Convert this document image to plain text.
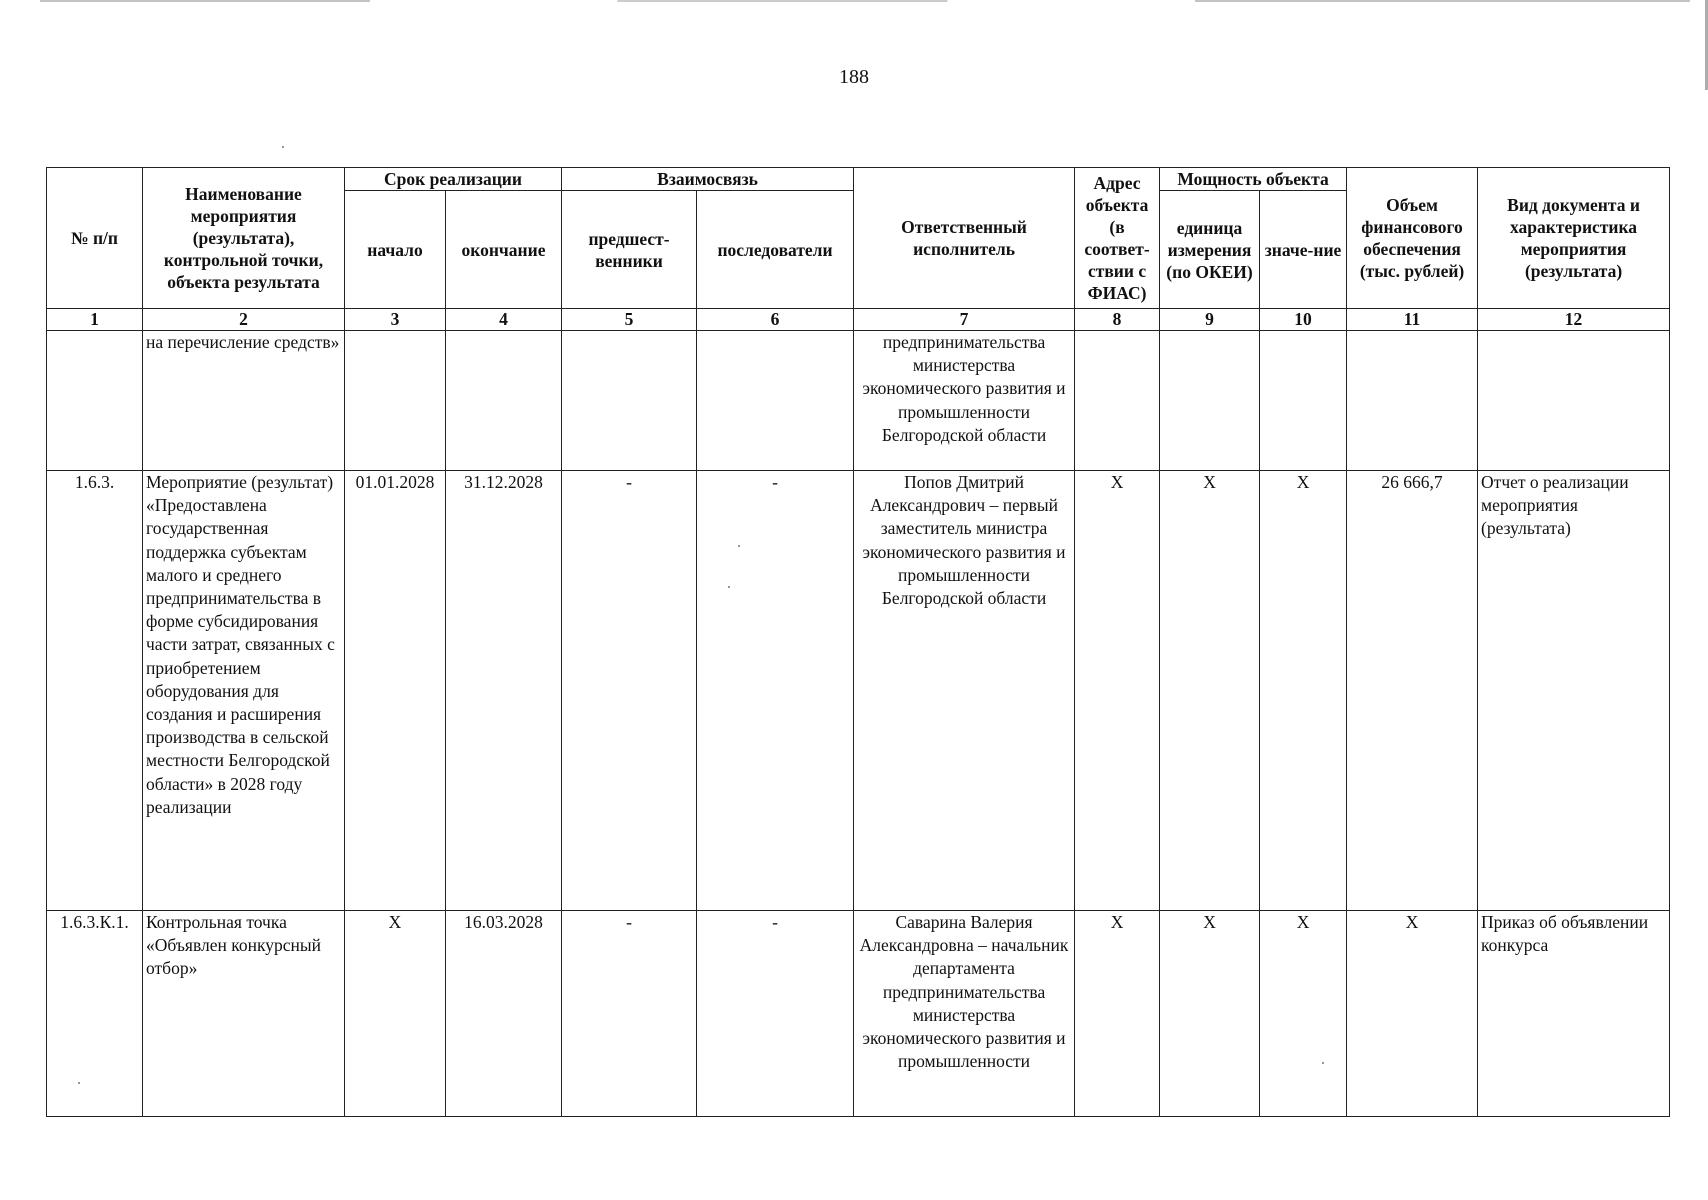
188
№ п/п	Наименование мероприятия (результата), контрольной точки, объекта результата	Срок реализации		Взаимосвязь		Ответственный исполнитель	Адрес объекта (в соответ-ствии с ФИАС)	Мощность объекта		Объем финансового обеспечения (тыс. рублей)	Вид документа и характеристика мероприятия (результата)
		начало	окончание	предшест-венники	последователи			единица измерения (по ОКЕИ)	значе-ние		
1	2	3	4	5	6	7	8	9	10	11	12
	на перечисление средств»					предпринимательства министерства экономического развития и промышленности Белгородской области					
1.6.3.	Мероприятие (результат) «Предоставлена государственная поддержка субъектам малого и среднего предпринимательства в форме субсидирования части затрат, связанных с приобретением оборудования для создания и расширения производства в сельской местности Белгородской области» в 2028 году реализации	01.01.2028	31.12.2028	-	-	Попов Дмитрий Александрович – первый заместитель министра экономического развития и промышленности Белгородской области	Х	Х	Х	26 666,7	Отчет о реализации мероприятия (результата)
1.6.3.К.1.	Контрольная точка «Объявлен конкурсный отбор»	Х	16.03.2028	-	-	Саварина Валерия Александровна – начальник департамента предпринимательства министерства экономического развития и промышленности	Х	Х	Х	Х	Приказ об объявлении конкурса
